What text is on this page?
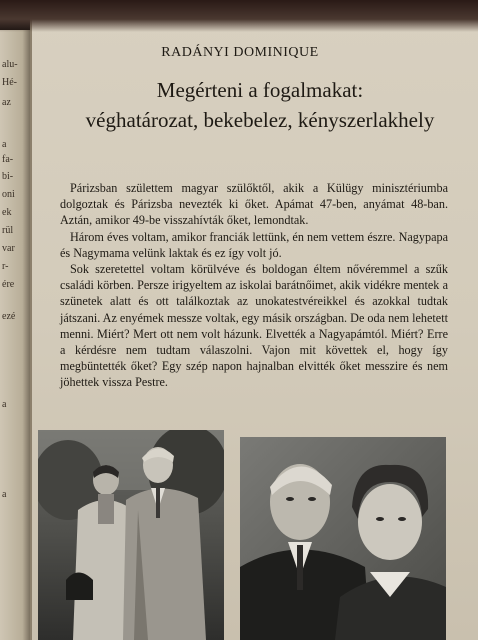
alu-
Hé-
az
a
fa-
bi-
oni
ek
rül
var
r-
ére
ezé
a
a
RADÁNYI DOMINIQUE
Megérteni a fogalmakat:
véghatározat, bekebelez, kényszerlakhely

Párizsban születtem magyar szülőktől, akik a Külügy minisztériumba dolgoztak és Párizsba nevezték ki őket. Apámat 47-ben, anyámat 48-ban. Aztán, amikor 49-be visszahívták őket, lemondtak.

Három éves voltam, amikor franciák lettünk, én nem vettem észre. Nagypapa és Nagymama velünk laktak és ez így volt jó.

Sok szeretettel voltam körülvéve és boldogan éltem nővéremmel a szűk családi körben. Persze irigyeltem az iskolai barátnőimet, akik vidékre mentek a szünetek alatt és ott találkoztak az unokatestvéreikkel és azokkal tudtak játszani. Az enyémek messze voltak, egy másik országban. De oda nem lehetett menni. Miért? Mert ott nem volt házunk. Elvették a Nagyapámtól. Miért? Erre a kérdésre nem tudtam válaszolni. Vajon mit követtek el, hogy így megbüntették őket? Egy szép napon hajnalban elvitték őket messzire és nem jöhettek vissza Pestre.
